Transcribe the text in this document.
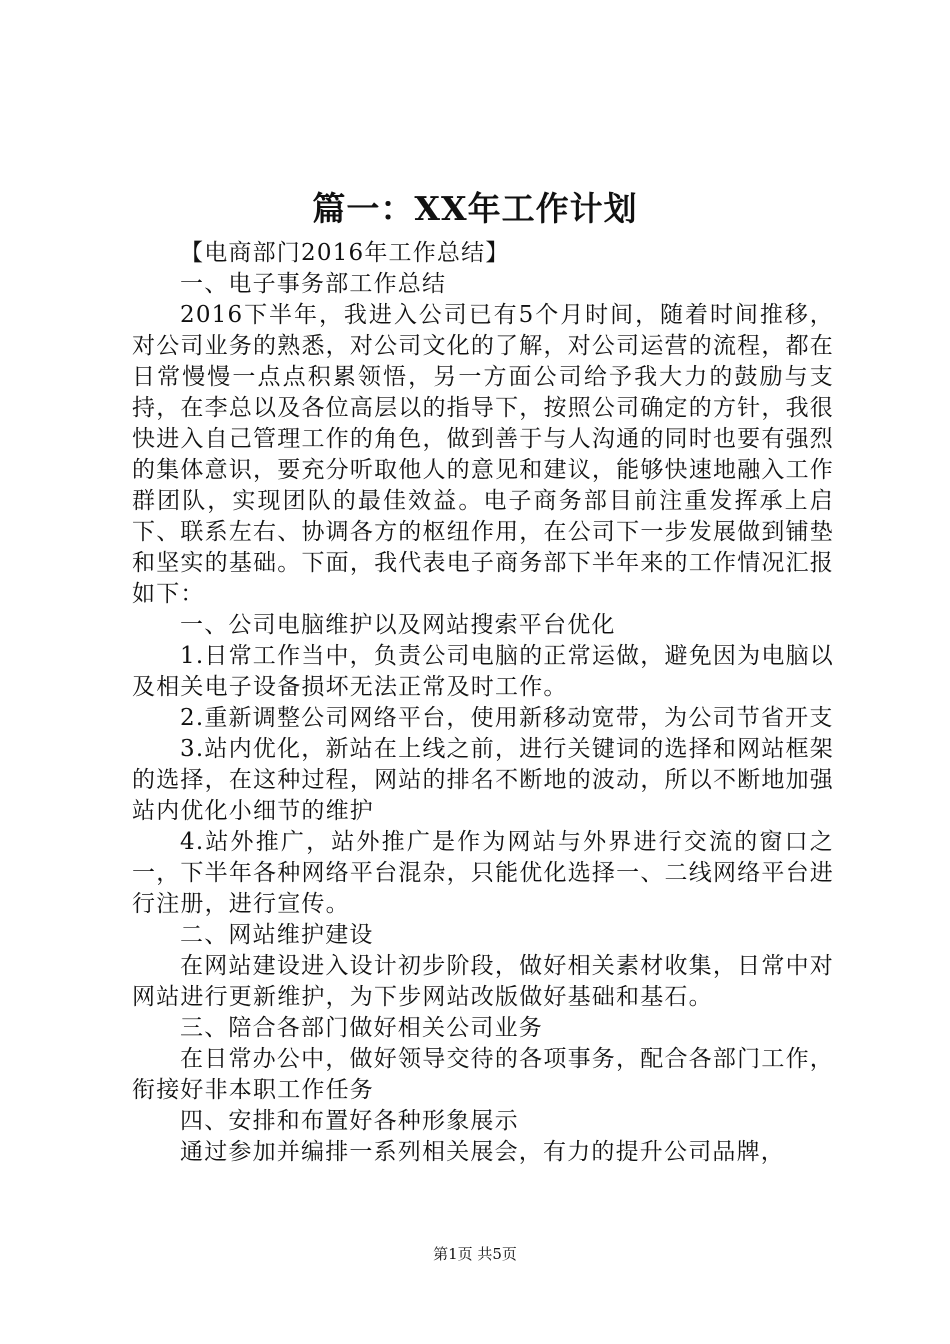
篇一：XX年工作计划

【电商部门2016年工作总结】

一、电子事务部工作总结

2016下半年，我进入公司已有5个月时间，随着时间推移，对公司业务的熟悉，对公司文化的了解，对公司运营的流程，都在日常慢慢一点点积累领悟，另一方面公司给予我大力的鼓励与支持，在李总以及各位高层以的指导下，按照公司确定的方针，我很快进入自己管理工作的角色，做到善于与人沟通的同时也要有强烈的集体意识，要充分听取他人的意见和建议，能够快速地融入工作群团队，实现团队的最佳效益。电子商务部目前注重发挥承上启下、联系左右、协调各方的枢纽作用，在公司下一步发展做到铺垫和坚实的基础。下面，我代表电子商务部下半年来的工作情况汇报如下：

一、公司电脑维护以及网站搜索平台优化

1.日常工作当中，负责公司电脑的正常运做，避免因为电脑以及相关电子设备损坏无法正常及时工作。

2.重新调整公司网络平台，使用新移动宽带，为公司节省开支

3.站内优化，新站在上线之前，进行关键词的选择和网站框架的选择，在这种过程，网站的排名不断地的波动，所以不断地加强站内优化小细节的维护

4.站外推广，站外推广是作为网站与外界进行交流的窗口之一，下半年各种网络平台混杂，只能优化选择一、二线网络平台进行注册，进行宣传。

二、网站维护建设

在网站建设进入设计初步阶段，做好相关素材收集，日常中对网站进行更新维护，为下步网站改版做好基础和基石。

三、陪合各部门做好相关公司业务

在日常办公中，做好领导交待的各项事务，配合各部门工作，衔接好非本职工作任务

四、安排和布置好各种形象展示

通过参加并编排一系列相关展会，有力的提升公司品牌，

第1页 共5页
